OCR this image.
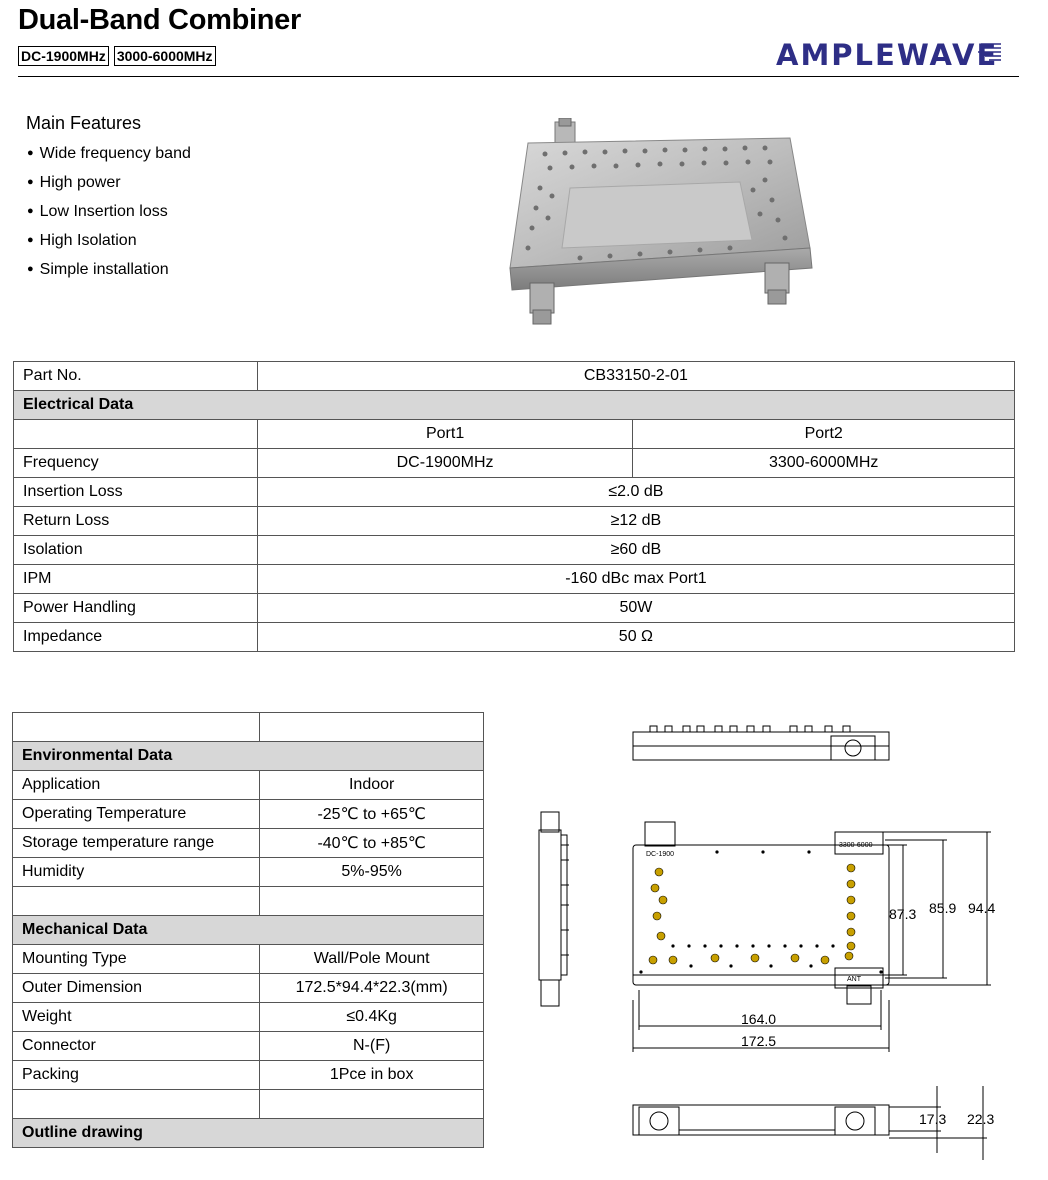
Dual-Band Combiner
DC-1900MHz 3000-6000MHz	AMPLEWAVE
Main Features
● Wide frequency band
● High power
● Low Insertion loss
● High Isolation
● Simple installation
Part No.	CB33150-2-01	
Electrical Data		
	Port1	Port2
Frequency	DC-1900MHz	3300-6000MHz
Insertion Loss	≤2.0 dB	
Return Loss	≥12 dB	
Isolation	≥60 dB	
IPM	-160 dBc max Port1	
Power Handling	50W	
Impedance	50 Ω	

Environmental Data	
Application	Indoor
Operating Temperature	-25℃ to +65℃
Storage temperature range	-40℃ to +85℃
Humidity	5%-95%

Mechanical Data	
Mounting Type	Wall/Pole Mount
Outer Dimension	172.5*94.4*22.3(mm)
Weight	≤0.4Kg
Connector	N-(F)
Packing	1Pce in box

Outline drawing	
DC-1900
3300-6000
ANT
87.3 85.9 94.4
164.0
172.5
17.3 22.3
